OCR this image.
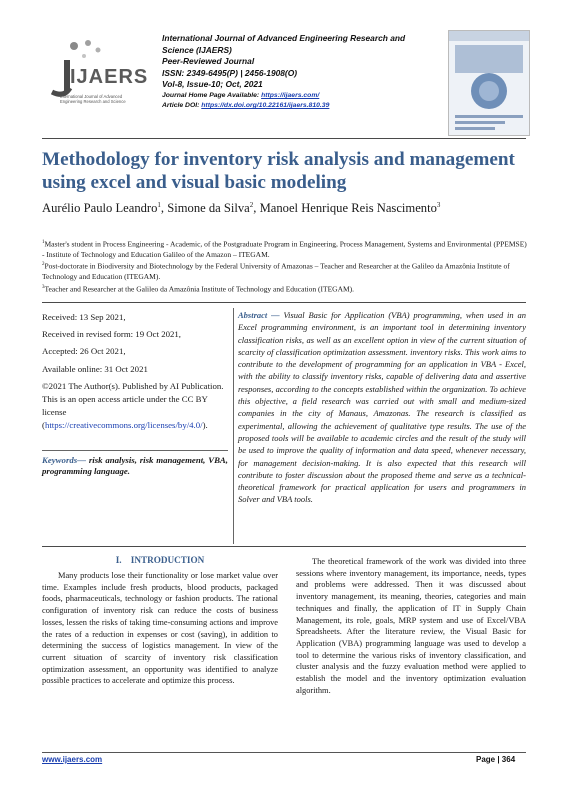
IJAERS
International Journal of Advanced Engineering Research and Science
International Journal of Advanced Engineering Research and
Science (IJAERS)
Peer-Reviewed Journal
ISSN: 2349-6495(P) | 2456-1908(O)
Vol-8, Issue-10; Oct, 2021
Journal Home Page Available: https://ijaers.com/
Article DOI: https://dx.doi.org/10.22161/ijaers.810.39
Methodology for inventory risk analysis and management using excel and visual basic modeling
Aurélio Paulo Leandro$^1$, Simone da Silva$^2$, Manoel Henrique Reis Nascimento$^3$

$^1$Master's student in Process Engineering - Academic, of the Postgraduate Program in Engineering, Process Management, Systems and Environmental (PPEMSE) - Institute of Technology and Education Galileo of the Amazon – ITEGAM.

$^2$Post-doctorate in Biodiversity and Biotechnology by the Federal University of Amazonas – Teacher and Researcher at the Galileo da Amazônia Institute of Technology and Education (ITEGAM).

$^3$Teacher and Researcher at the Galileo da Amazônia Institute of Technology and Education (ITEGAM).

Received: 13 Sep 2021,

Received in revised form: 19 Oct 2021,

Accepted: 26 Oct 2021,

Available online: 31 Oct 2021

©2021 The Author(s). Published by AI Publication. This is an open access article under the CC BY license (https://creativecommons.org/licenses/by/4.0/).

Keywords— risk analysis, risk management, VBA, programming language.
Abstract — Visual Basic for Application (VBA) programming, when used in an Excel programming environment, is an important tool in determining inventory classification risks, as well as an excellent option in view of the current situation of scarcity of classification optimization assessment. inventory risks. This work aims to contribute to the development of programming for an application in VBA - Excel, with the ability to classify inventory risks, capable of delivering data and assertive responses, according to the concepts established within the organization. To achieve this objective, a field research was carried out with small and medium-sized companies in the city of Manaus, Amazonas. The research is classified as experimental, allowing the achievement of qualitative type results. The use of the proposed tools will be available to academic circles and the result of the study will be used to improve the quality of information and data speed, whenever necessary, for management decision-making. It is also expected that this research will contribute to foster discussion about the proposed theme and serve as a technical-theoretical framework for practical application for users and programmers in Solver and VBA tools.
I.    INTRODUCTION

Many products lose their functionality or lose market value over time. Examples include fresh products, blood products, packaged foods, pharmaceuticals, technology or fashion products. The rational configuration of inventory risk can reduce the costs of business losses, lessen the risks of taking time-consuming actions and improve the rates of a reduction in expenses or cost (saving), in addition to determining the success of logistics management. In view of the current situation of scarcity of inventory risk classification optimization assessment, an opportunity was identified to analyze possible practices to accelerate and optimize this process.

The theoretical framework of the work was divided into three sessions where inventory management, its importance, needs, types and problems were addressed. Then it was discussed about inventory management, its meaning, theories, categories and main techniques and finally, the application of IT in Supply Chain Management, its role, goals, MRP system and use of Excel/VBA Spreadsheets. After the literature review, the Visual Basic for Application (VBA) programming language was used to develop a tool to determine the various risks of inventory classification, and cluster analysis and the fuzzy evaluation method were applied to establish the model and the inventory optimization evaluation algorithm.

www.ijaers.com	Page | 364
